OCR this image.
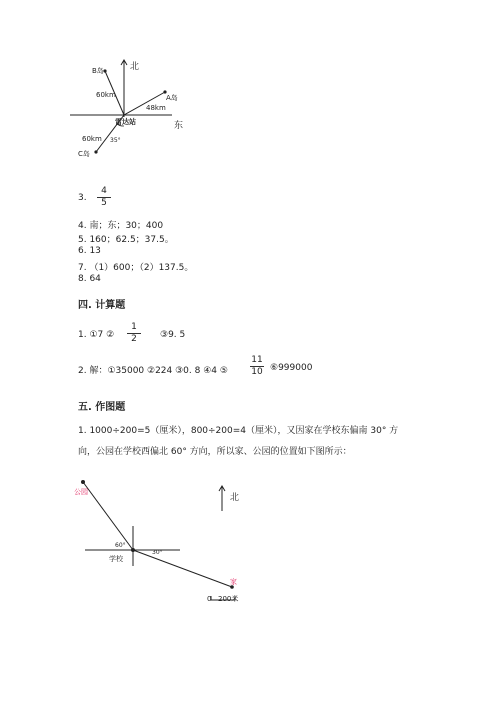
北
东
B岛
A岛
C岛
60km
48km
60km
雷达站
35°
3. $\frac{4}{5}$
4. 南；东；30；400
5. 160；62.5；37.5。
6. 13
7. （1）600；（2）137.5。
8. 64
四. 计算题
1. ①7 ② $\frac{1}{2}$ ③9. 5
2. 解：①35000 ②224 ③0. 8 ④4 ⑤ $\frac{11}{10}$ ⑥999000
五. 作图题
1. 1000÷200=5（厘米），800÷200=4（厘米），又因家在学校东偏南 30° 方
向，公园在学校西偏北 60° 方向，所以家、公园的位置如下图所示：
北
公园
学校
家
60°
30°
0 200米
